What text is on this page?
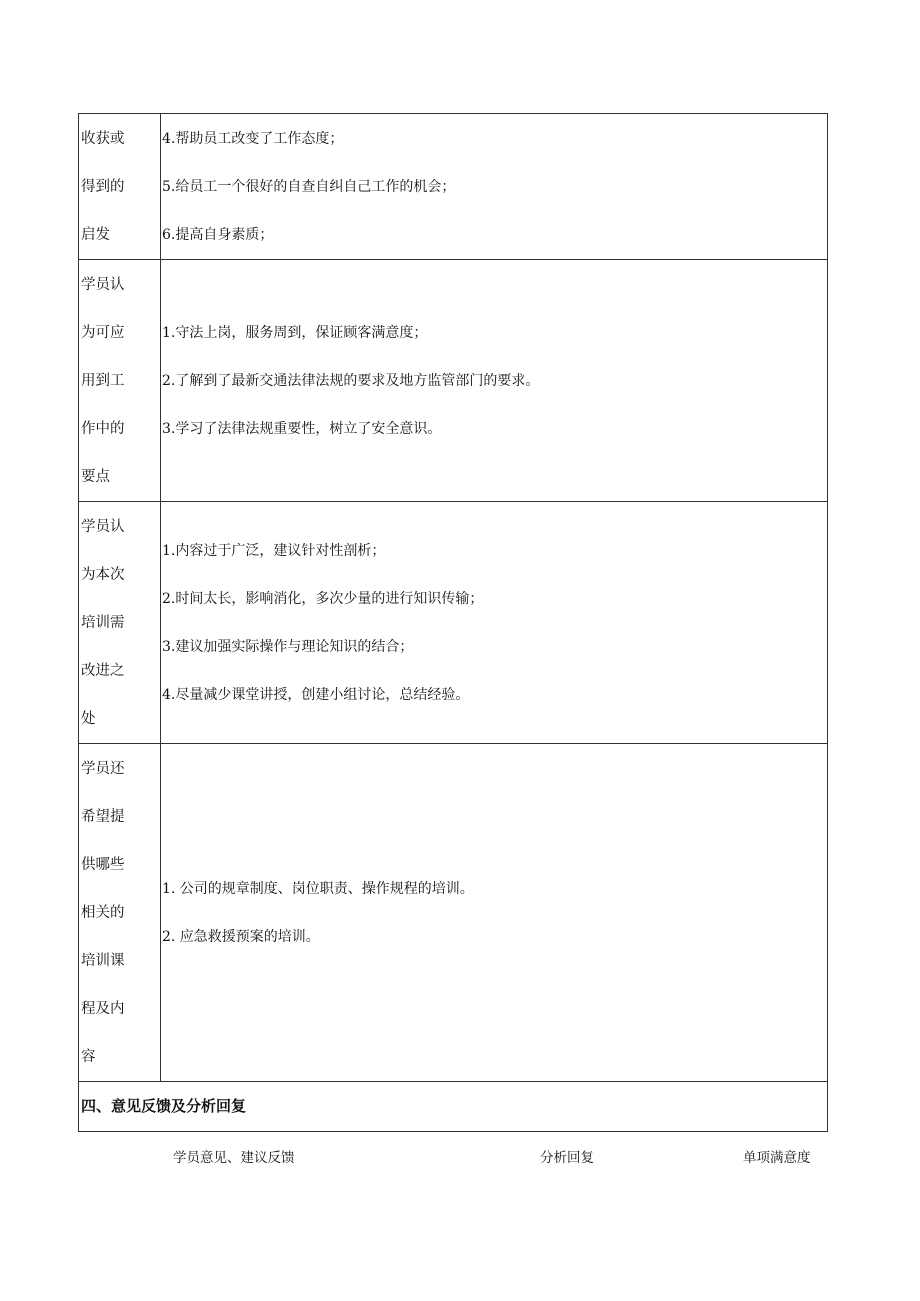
收获或
得到的
启发
4.帮助员工改变了工作态度；
5.给员工一个很好的自查自纠自己工作的机会；
6.提高自身素质；
学员认
为可应
用到工
作中的
要点
1.守法上岗，服务周到，保证顾客满意度；
2.了解到了最新交通法律法规的要求及地方监管部门的要求。
3.学习了法律法规重要性，树立了安全意识。
学员认
为本次
培训需
改进之
处
1.内容过于广泛，建议针对性剖析；
2.时间太长，影响消化，多次少量的进行知识传输；
3.建议加强实际操作与理论知识的结合；
4.尽量减少课堂讲授，创建小组讨论，总结经验。
学员还
希望提
供哪些
相关的
培训课
程及内
容
1. 公司的规章制度、岗位职责、操作规程的培训。
2. 应急救援预案的培训。
四、意见反馈及分析回复
学员意见、建议反馈	分析回复	单项满意度
